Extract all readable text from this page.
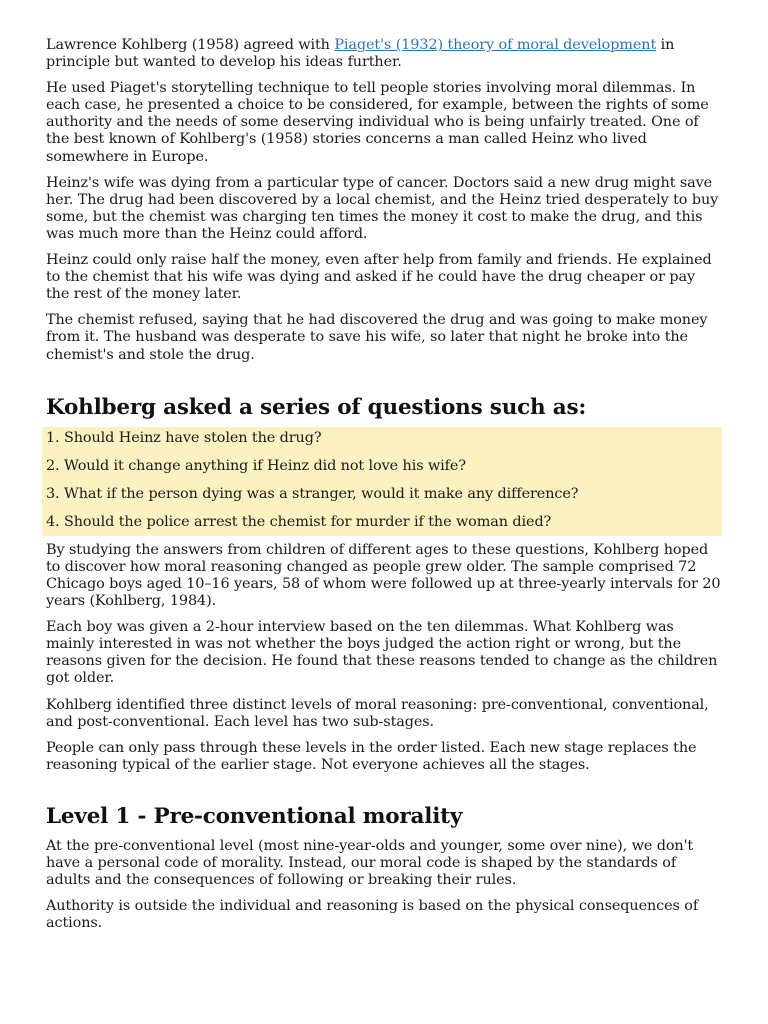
Lawrence Kohlberg (1958) agreed with Piaget's (1932) theory of moral development in principle but wanted to develop his ideas further.

He used Piaget's storytelling technique to tell people stories involving moral dilemmas. In each case, he presented a choice to be considered, for example, between the rights of some authority and the needs of some deserving individual who is being unfairly treated. One of the best known of Kohlberg's (1958) stories concerns a man called Heinz who lived somewhere in Europe.

Heinz's wife was dying from a particular type of cancer. Doctors said a new drug might save her. The drug had been discovered by a local chemist, and the Heinz tried desperately to buy some, but the chemist was charging ten times the money it cost to make the drug, and this was much more than the Heinz could afford.

Heinz could only raise half the money, even after help from family and friends. He explained to the chemist that his wife was dying and asked if he could have the drug cheaper or pay the rest of the money later.

The chemist refused, saying that he had discovered the drug and was going to make money from it. The husband was desperate to save his wife, so later that night he broke into the chemist's and stole the drug.

Kohlberg asked a series of questions such as:

1. Should Heinz have stolen the drug?

2. Would it change anything if Heinz did not love his wife?

3. What if the person dying was a stranger, would it make any difference?

4. Should the police arrest the chemist for murder if the woman died?

By studying the answers from children of different ages to these questions, Kohlberg hoped to discover how moral reasoning changed as people grew older. The sample comprised 72 Chicago boys aged 10–16 years, 58 of whom were followed up at three-yearly intervals for 20 years (Kohlberg, 1984).

Each boy was given a 2-hour interview based on the ten dilemmas. What Kohlberg was mainly interested in was not whether the boys judged the action right or wrong, but the reasons given for the decision. He found that these reasons tended to change as the children got older.

Kohlberg identified three distinct levels of moral reasoning: pre-conventional, conventional, and post-conventional. Each level has two sub-stages.

People can only pass through these levels in the order listed. Each new stage replaces the reasoning typical of the earlier stage. Not everyone achieves all the stages.

Level 1 - Pre-conventional morality

At the pre-conventional level (most nine-year-olds and younger, some over nine), we don't have a personal code of morality. Instead, our moral code is shaped by the standards of adults and the consequences of following or breaking their rules.

Authority is outside the individual and reasoning is based on the physical consequences of actions.
